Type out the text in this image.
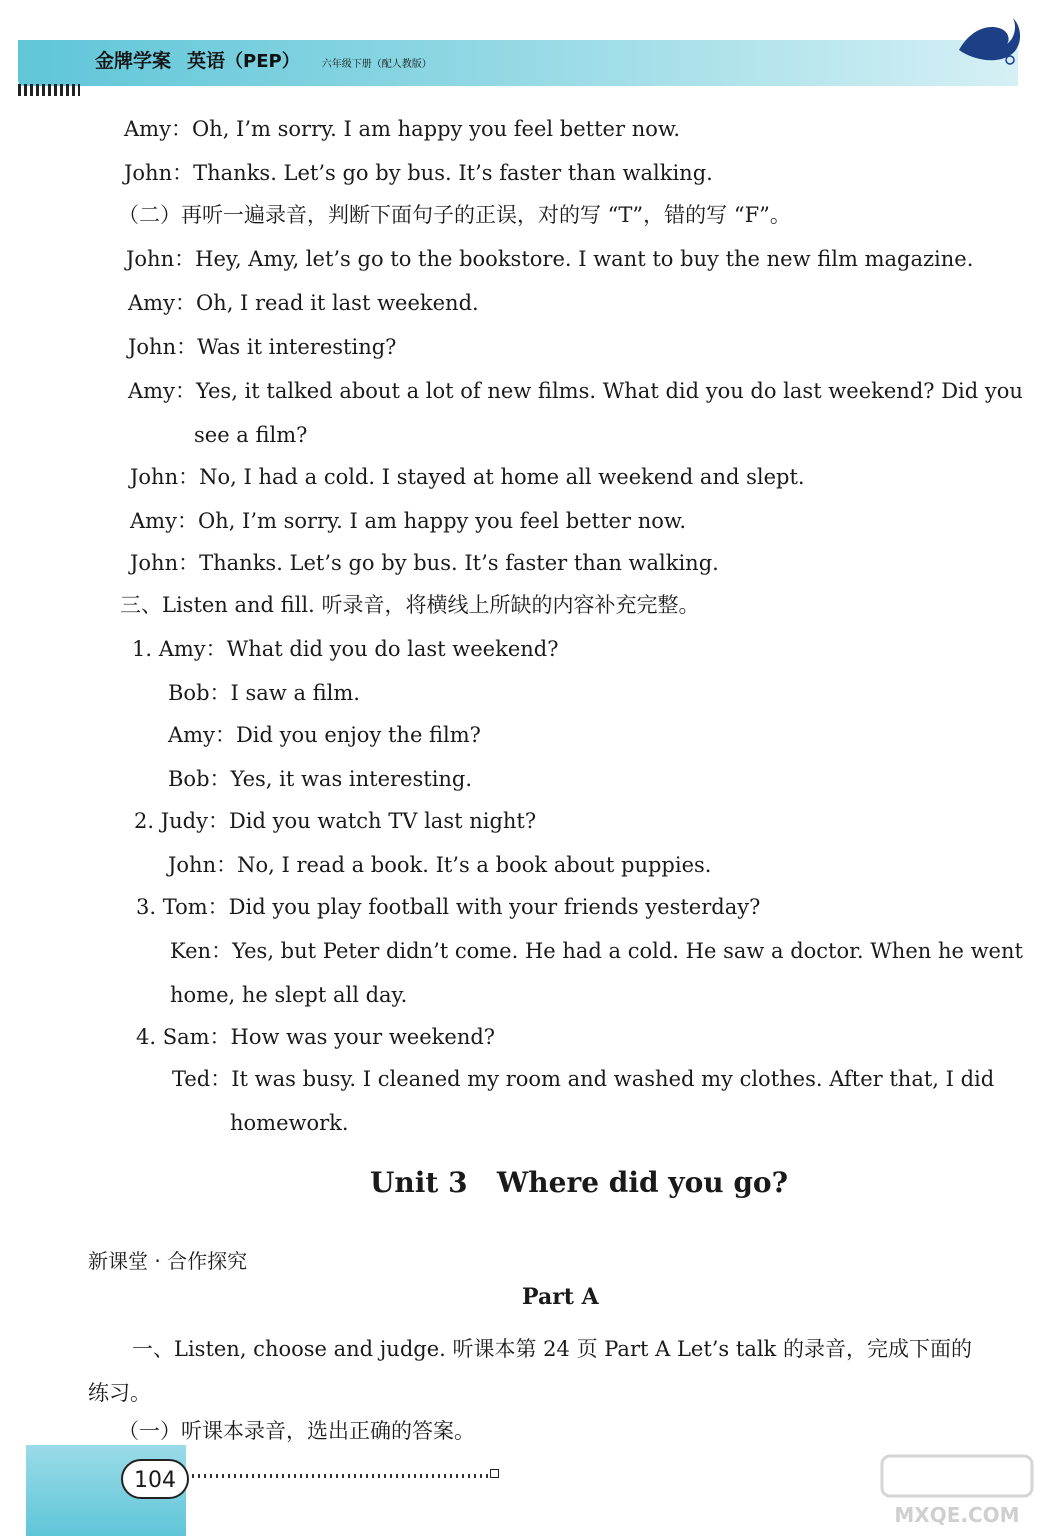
金牌学案 英语（PEP） 六年级下册（配人教版）
Amy：Oh, I’m sorry. I am happy you feel better now.
John：Thanks. Let’s go by bus. It’s faster than walking.
（二）再听一遍录音，判断下面句子的正误，对的写 “T”，错的写 “F”。
John：Hey, Amy, let’s go to the bookstore. I want to buy the new film magazine.
Amy：Oh, I read it last weekend.
John：Was it interesting?
Amy：Yes, it talked about a lot of new films. What did you do last weekend? Did you
see a film?
John：No, I had a cold. I stayed at home all weekend and slept.
Amy：Oh, I’m sorry. I am happy you feel better now.
John：Thanks. Let’s go by bus. It’s faster than walking.
三、Listen and fill. 听录音，将横线上所缺的内容补充完整。
1. Amy：What did you do last weekend?
Bob：I saw a film.
Amy：Did you enjoy the film?
Bob：Yes, it was interesting.
2. Judy：Did you watch TV last night?
John：No, I read a book. It’s a book about puppies.
3. Tom：Did you play football with your friends yesterday?
Ken：Yes, but Peter didn’t come. He had a cold. He saw a doctor. When he went
home, he slept all day.
4. Sam：How was your weekend?
Ted：It was busy. I cleaned my room and washed my clothes. After that, I did
homework.
Unit 3   Where did you go?
新课堂 · 合作探究
Part A
一、Listen, choose and judge. 听课本第 24 页 Part A Let’s talk 的录音，完成下面的
练习。
（一）听课本录音，选出正确的答案。
104
MXQE.COM
